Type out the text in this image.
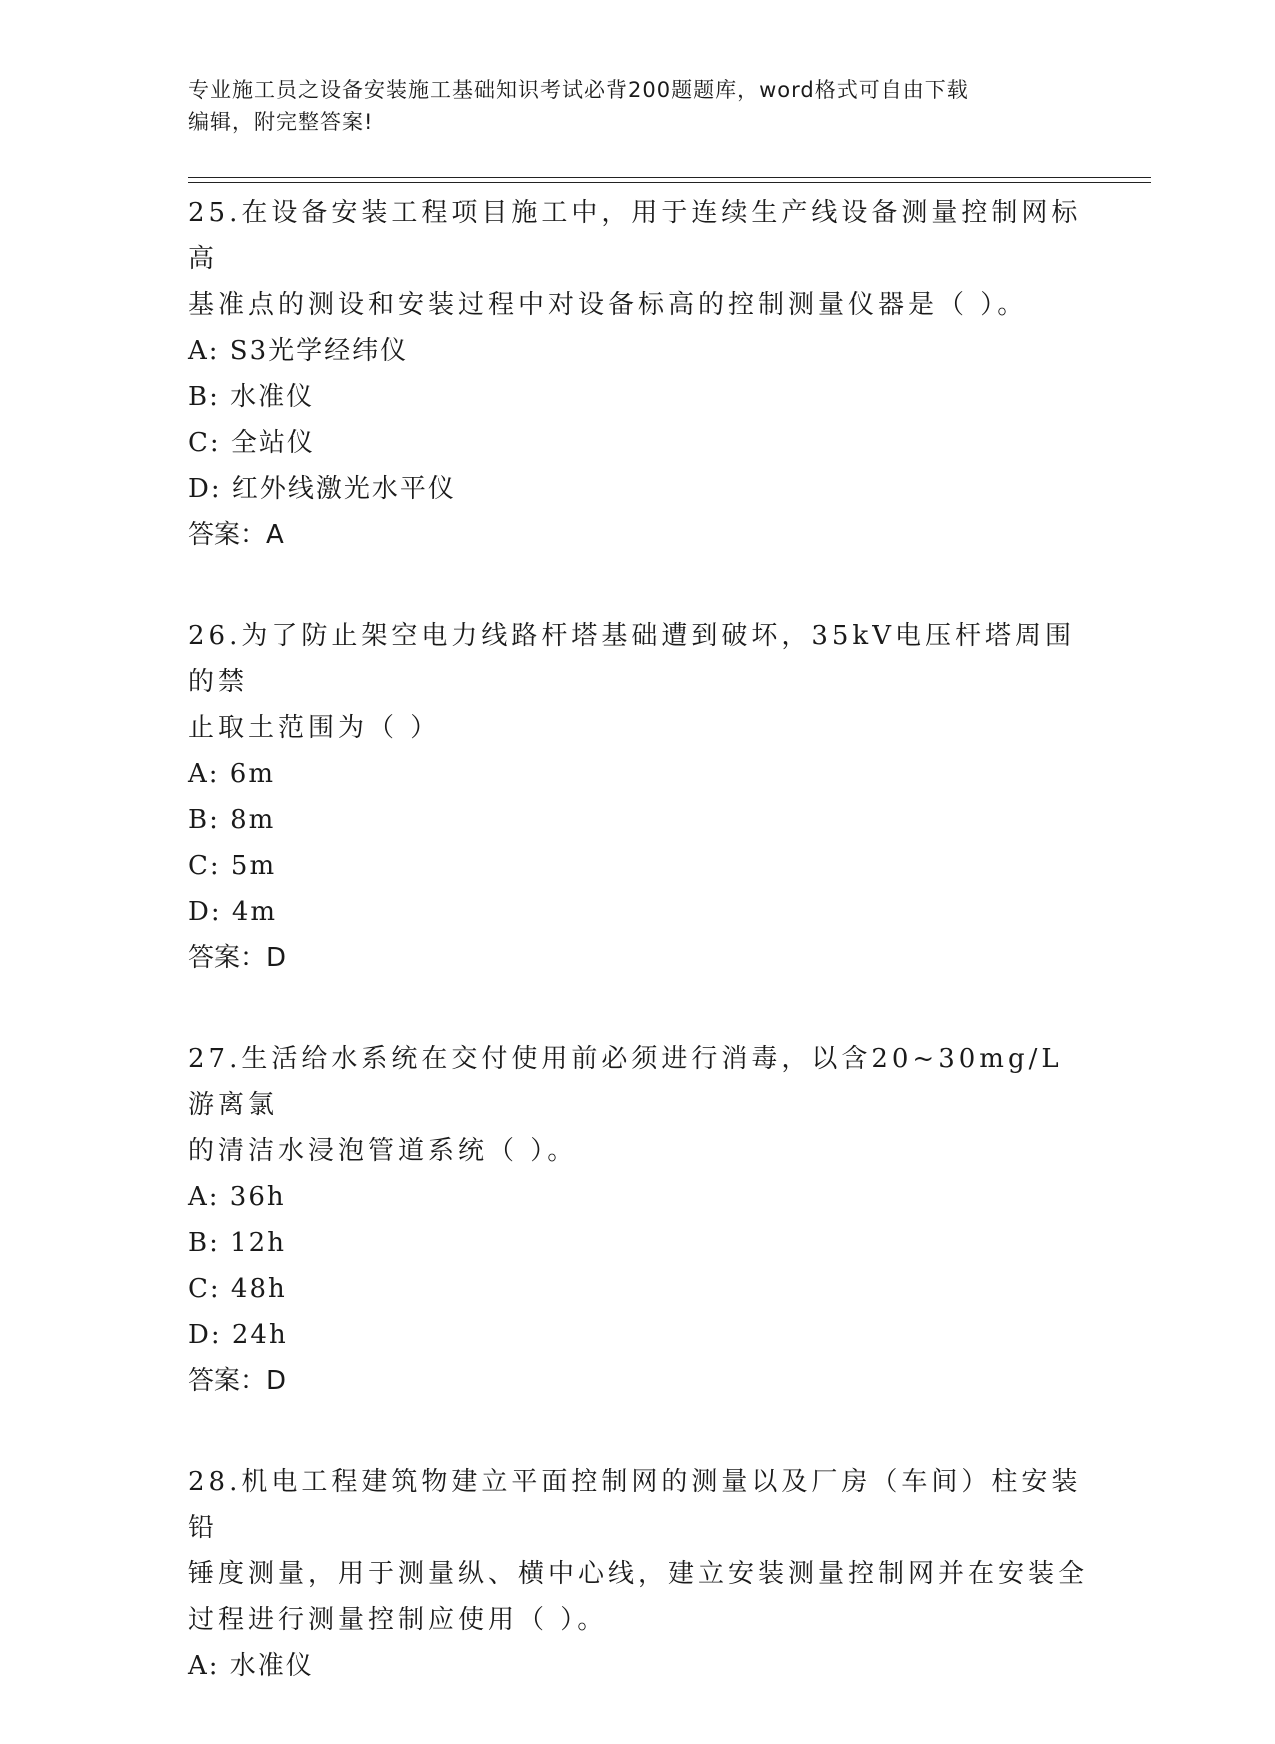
专业施工员之设备安装施工基础知识考试必背200题题库，word格式可自由下载
编辑，附完整答案!

25.在设备安装工程项目施工中，用于连续生产线设备测量控制网标高

基准点的测设和安装过程中对设备标高的控制测量仪器是（ ）。

A: S3光学经纬仪

B: 水准仪

C: 全站仪

D: 红外线激光水平仪

答案：A

26.为了防止架空电力线路杆塔基础遭到破坏，35kV电压杆塔周围的禁

止取土范围为（ ）

A: 6m

B: 8m

C: 5m

D: 4m

答案：D

27.生活给水系统在交付使用前必须进行消毒，以含20~30mg/L游离氯

的清洁水浸泡管道系统（ ）。

A: 36h

B: 12h

C: 48h

D: 24h

答案：D

28.机电工程建筑物建立平面控制网的测量以及厂房（车间）柱安装铅

锤度测量，用于测量纵、横中心线，建立安装测量控制网并在安装全

过程进行测量控制应使用（ ）。

A: 水准仪
